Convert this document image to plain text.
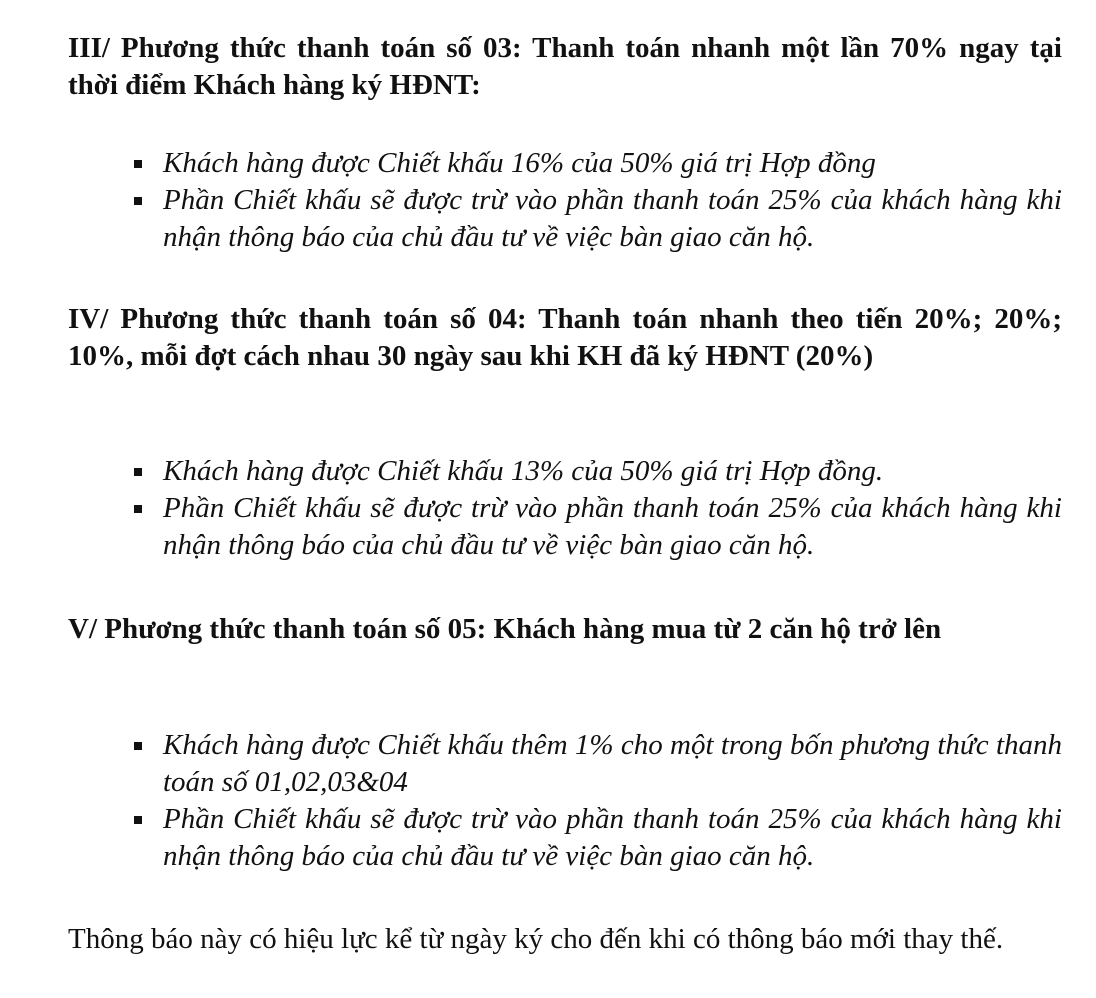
III/ Phương thức thanh toán số 03: Thanh toán nhanh một lần 70% ngay tại thời điểm Khách hàng ký HĐNT:

Khách hàng được Chiết khấu 16% của 50% giá trị Hợp đồng
Phần Chiết khấu sẽ được trừ vào phần thanh toán 25% của khách hàng khi nhận thông báo của chủ đầu tư về việc bàn giao căn hộ.

IV/ Phương thức thanh toán số 04: Thanh toán nhanh theo tiến 20%; 20%; 10%, mỗi đợt cách nhau 30 ngày sau khi KH đã ký HĐNT (20%)

Khách hàng được Chiết khấu 13% của 50% giá trị Hợp đồng.
Phần Chiết khấu sẽ được trừ vào phần thanh toán 25% của khách hàng khi nhận thông báo của chủ đầu tư về việc bàn giao căn hộ.

V/ Phương thức thanh toán số 05: Khách hàng mua từ 2 căn hộ trở lên

Khách hàng được Chiết khấu thêm 1% cho một trong bốn phương thức thanh toán số 01,02,03&04
Phần Chiết khấu sẽ được trừ vào phần thanh toán 25% của khách hàng khi nhận thông báo của chủ đầu tư về việc bàn giao căn hộ.

Thông báo này có hiệu lực kể từ ngày ký cho đến khi có thông báo mới thay thế.
